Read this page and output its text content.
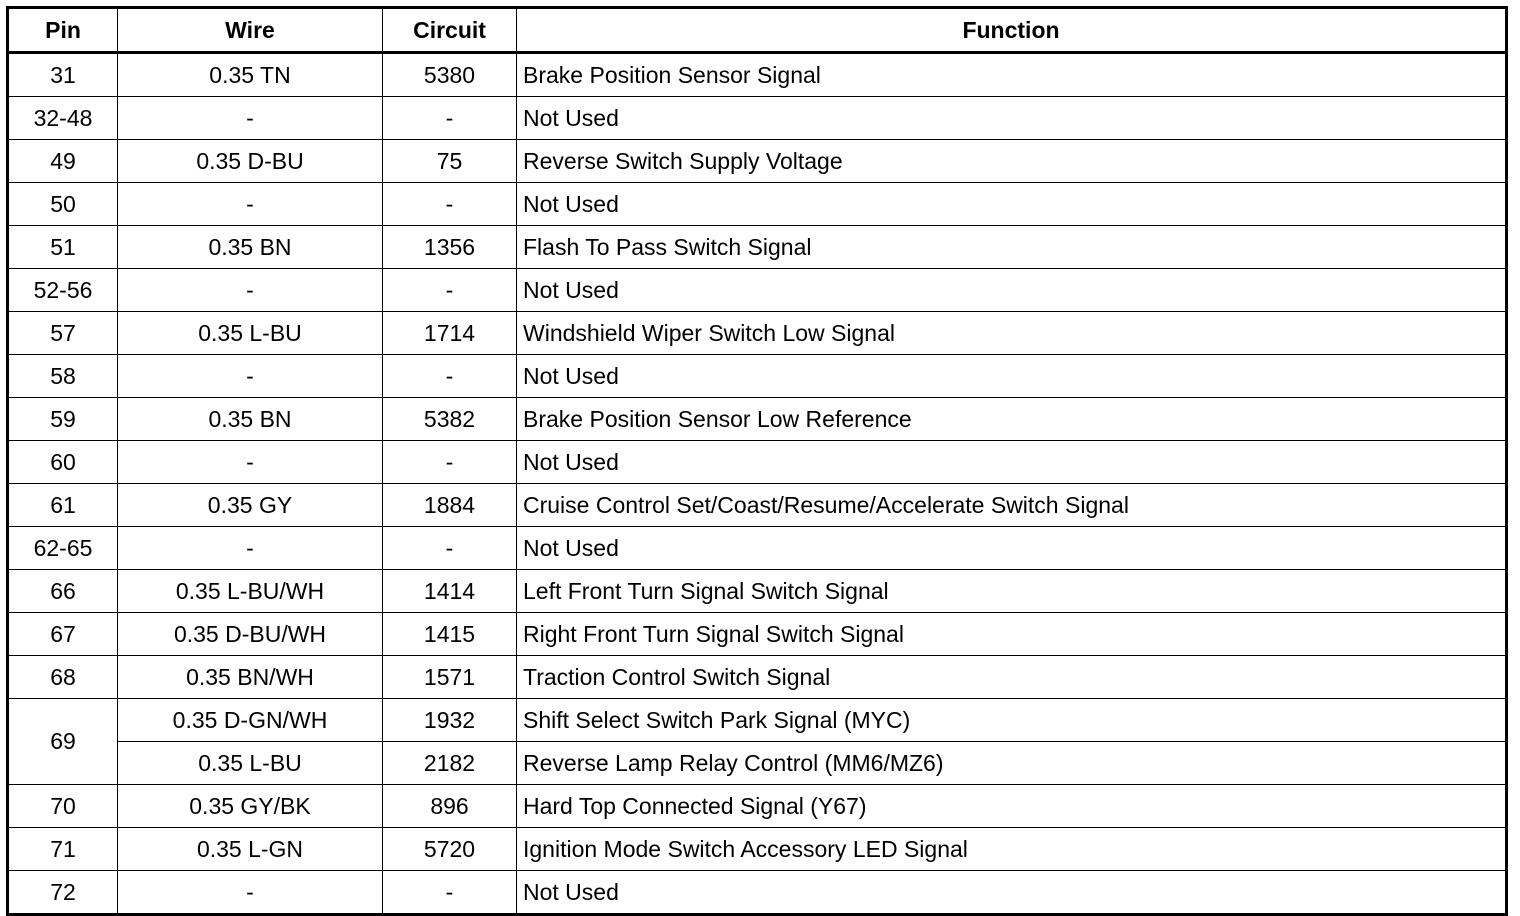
Pin	Wire	Circuit	Function
31	0.35 TN	5380	Brake Position Sensor Signal
32-48	-	-	Not Used
49	0.35 D-BU	75	Reverse Switch Supply Voltage
50	-	-	Not Used
51	0.35 BN	1356	Flash To Pass Switch Signal
52-56	-	-	Not Used
57	0.35 L-BU	1714	Windshield Wiper Switch Low Signal
58	-	-	Not Used
59	0.35 BN	5382	Brake Position Sensor Low Reference
60	-	-	Not Used
61	0.35 GY	1884	Cruise Control Set/Coast/Resume/Accelerate Switch Signal
62-65	-	-	Not Used
66	0.35 L-BU/WH	1414	Left Front Turn Signal Switch Signal
67	0.35 D-BU/WH	1415	Right Front Turn Signal Switch Signal
68	0.35 BN/WH	1571	Traction Control Switch Signal
69	0.35 D-GN/WH	1932	Shift Select Switch Park Signal (MYC)
	0.35 L-BU	2182	Reverse Lamp Relay Control (MM6/MZ6)
70	0.35 GY/BK	896	Hard Top Connected Signal (Y67)
71	0.35 L-GN	5720	Ignition Mode Switch Accessory LED Signal
72	-	-	Not Used
